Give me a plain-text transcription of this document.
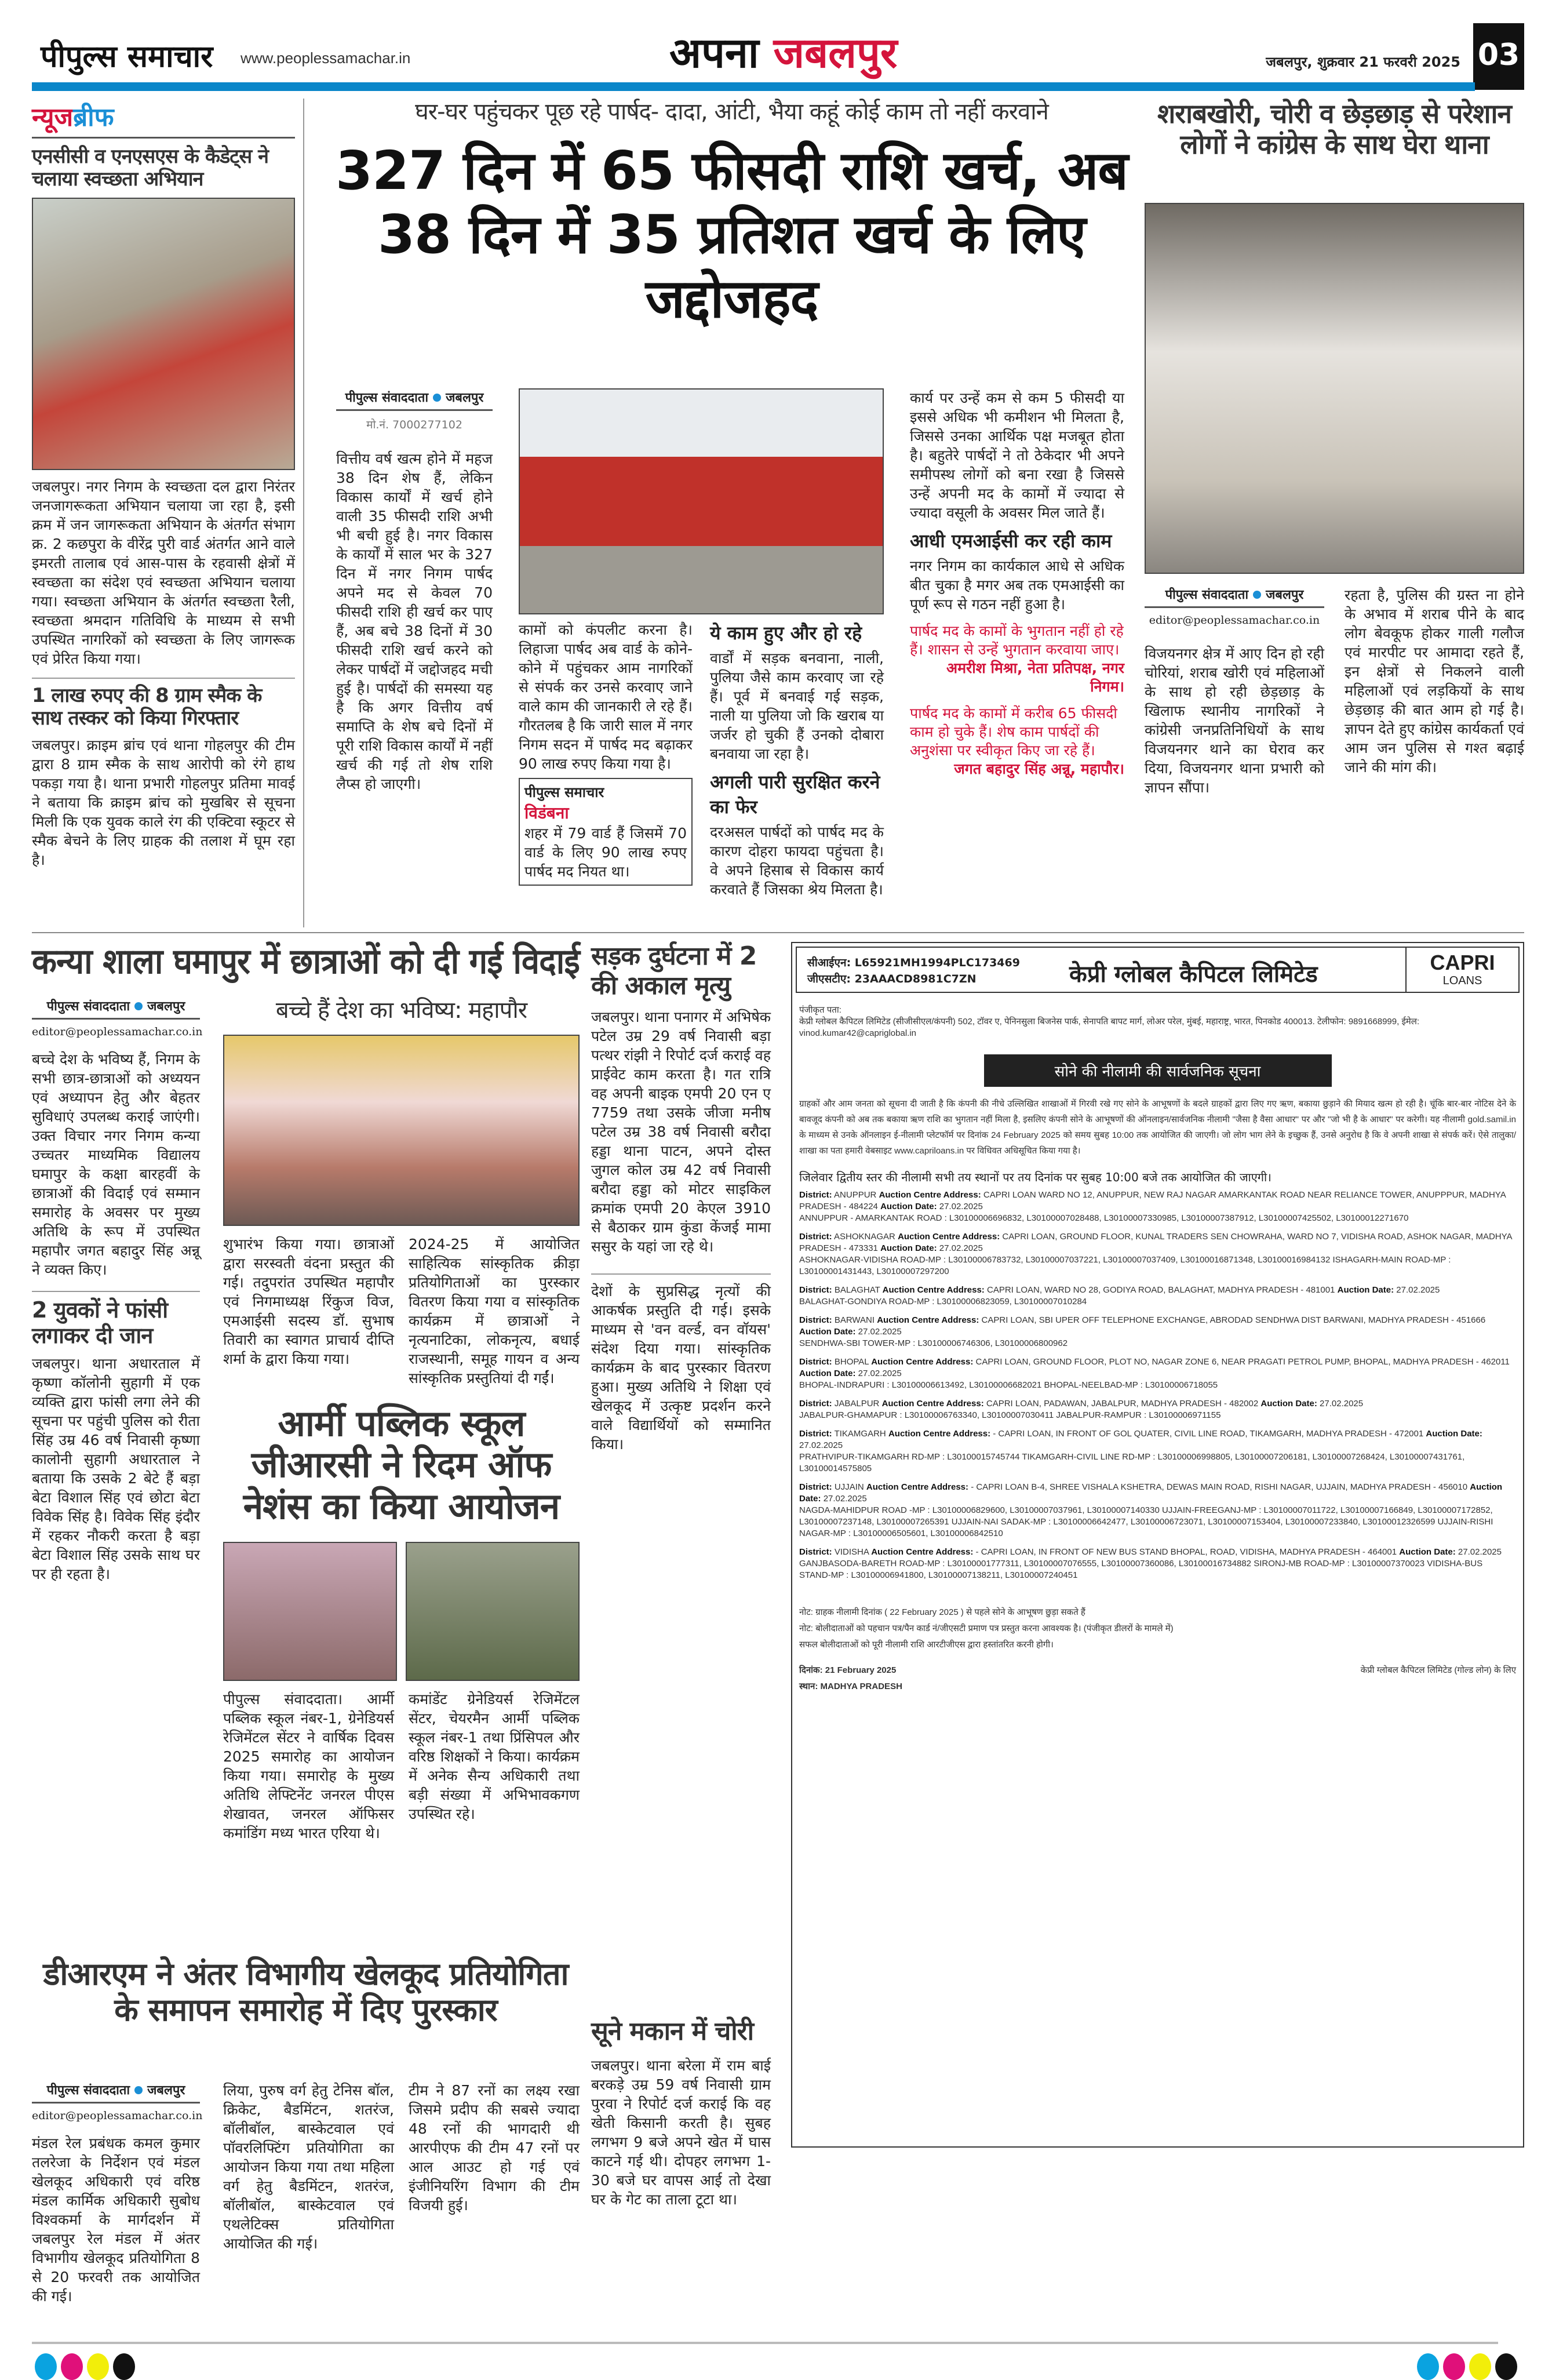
पीपुल्स समाचार www.peoplessamachar.in	अपना जबलपुर	जबलपुर, शुक्रवार 21 फरवरी 2025 03
न्यूजब्रीफ
एनसीसी व एनएसएस के कैडेट्स ने चलाया स्वच्छता अभियान
जबलपुर। नगर निगम के स्वच्छता दल द्वारा निरंतर जनजागरूकता अभियान चलाया जा रहा है, इसी क्रम में जन जागरूकता अभियान के अंतर्गत संभाग क्र. 2 कछपुरा के वीरेंद्र पुरी वार्ड अंतर्गत आने वाले इमरती तालाब एवं आस-पास के रहवासी क्षेत्रों में स्वच्छता का संदेश एवं स्वच्छता अभियान चलाया गया। स्वच्छता अभियान के अंतर्गत स्वच्छता रैली, स्वच्छता श्रमदान गतिविधि के माध्यम से सभी उपस्थित नागरिकों को स्वच्छता के लिए जागरूक एवं प्रेरित किया गया।
1 लाख रुपए की 8 ग्राम स्मैक के साथ तस्कर को किया गिरफ्तार
जबलपुर। क्राइम ब्रांच एवं थाना गोहलपुर की टीम द्वारा 8 ग्राम स्मैक के साथ आरोपी को रंगे हाथ पकड़ा गया है। थाना प्रभारी गोहलपुर प्रतिमा मावई ने बताया कि क्राइम ब्रांच को मुखबिर से सूचना मिली कि एक युवक काले रंग की एक्टिवा स्कूटर से स्मैक बेचने के लिए ग्राहक की तलाश में घूम रहा है।
घर-घर पहुंचकर पूछ रहे पार्षद- दादा, आंटी, भैया कहूं कोई काम तो नहीं करवाने
327 दिन में 65 फीसदी राशि खर्च, अब 38 दिन में 35 प्रतिशत खर्च के लिए जद्दोजहद
पीपुल्स संवाददाता जबलपुर
मो.नं. 7000277102
वित्तीय वर्ष खत्म होने में महज 38 दिन शेष हैं, लेकिन विकास कार्यों में खर्च होने वाली 35 फीसदी राशि अभी भी बची हुई है। नगर विकास के कार्यों में साल भर के 327 दिन में नगर निगम पार्षद अपने मद से केवल 70 फीसदी राशि ही खर्च कर पाए हैं, अब बचे 38 दिनों में 30 फीसदी राशि खर्च करने को लेकर पार्षदों में जद्दोजहद मची हुई है। पार्षदों की समस्या यह है कि अगर वित्तीय वर्ष समाप्ति के शेष बचे दिनों में पूरी राशि विकास कार्यों में नहीं खर्च की गई तो शेष राशि लैप्स हो जाएगी।
कामों को कंपलीट करना है। लिहाजा पार्षद अब वार्ड के कोने-कोने में पहुंचकर आम नागरिकों से संपर्क कर उनसे करवाए जाने वाले काम की जानकारी ले रहे हैं। गौरतलब है कि जारी साल में नगर निगम सदन में पार्षद मद बढ़ाकर 90 लाख रुपए किया गया है।
पीपुल्स समाचार
विडंबना
शहर में 79 वार्ड हैं जिसमें 70 वार्ड के लिए 90 लाख रुपए पार्षद मद नियत था।
ये काम हुए और हो रहे
वार्डों में सड़क बनवाना, नाली, पुलिया जैसे काम करवाए जा रहे हैं। पूर्व में बनवाई गई सड़क, नाली या पुलिया जो कि खराब या जर्जर हो चुकी हैं उनको दोबारा बनवाया जा रहा है।
अगली पारी सुरक्षित करने का फेर
दरअसल पार्षदों को पार्षद मद के कारण दोहरा फायदा पहुंचता है। वे अपने हिसाब से विकास कार्य करवाते हैं जिसका श्रेय मिलता है।
कार्य पर उन्हें कम से कम 5 फीसदी या इससे अधिक भी कमीशन भी मिलता है, जिससे उनका आर्थिक पक्ष मजबूत होता है। बहुतेरे पार्षदों ने तो ठेकेदार भी अपने समीपस्थ लोगों को बना रखा है जिससे उन्हें अपनी मद के कामों में ज्यादा से ज्यादा वसूली के अवसर मिल जाते हैं।
आधी एमआईसी कर रही काम
नगर निगम का कार्यकाल आधे से अधिक बीत चुका है मगर अब तक एमआईसी का पूर्ण रूप से गठन नहीं हुआ है।
पार्षद मद के कामों के भुगतान नहीं हो रहे हैं। शासन से उन्हें भुगतान करवाया जाए।
अमरीश मिश्रा, नेता प्रतिपक्ष, नगर निगम।
पार्षद मद के कामों में करीब 65 फीसदी काम हो चुके हैं। शेष काम पार्षदों की अनुशंसा पर स्वीकृत किए जा रहे हैं।
जगत बहादुर सिंह अन्नू, महापौर।
शराबखोरी, चोरी व छेड़छाड़ से परेशान लोगों ने कांग्रेस के साथ घेरा थाना
पीपुल्स संवाददाता जबलपुर
editor@peoplessamachar.co.in
विजयनगर क्षेत्र में आए दिन हो रही चोरियां, शराब खोरी एवं महिलाओं के साथ हो रही छेड़छाड़ के खिलाफ स्थानीय नागरिकों ने कांग्रेसी जनप्रतिनिधियों के साथ विजयनगर थाने का घेराव कर दिया, विजयनगर थाना प्रभारी को ज्ञापन सौंपा।
रहता है, पुलिस की ग्रस्त ना होने के अभाव में शराब पीने के बाद लोग बेवकूफ होकर गाली गलौज एवं मारपीट पर आमादा रहते हैं, इन क्षेत्रों से निकलने वाली महिलाओं एवं लड़कियों के साथ छेड़छाड़ की बात आम हो गई है। ज्ञापन देते हुए कांग्रेस कार्यकर्ता एवं आम जन पुलिस से गश्त बढ़ाई जाने की मांग की।
कन्या शाला घमापुर में छात्राओं को दी गई विदाई
पीपुल्स संवाददाता जबलपुर
editor@peoplessamachar.co.in
बच्चे देश के भविष्य हैं, निगम के सभी छात्र-छात्राओं को अध्ययन एवं अध्यापन हेतु और बेहतर सुविधाएं उपलब्ध कराई जाएंगी। उक्त विचार नगर निगम कन्या उच्चतर माध्यमिक विद्यालय घमापुर के कक्षा बारहवीं के छात्राओं की विदाई एवं सम्मान समारोह के अवसर पर मुख्य अतिथि के रूप में उपस्थित महापौर जगत बहादुर सिंह अन्नू ने व्यक्त किए।
2 युवकों ने फांसी लगाकर दी जान
जबलपुर। थाना अधारताल में कृष्णा कॉलोनी सुहागी में एक व्यक्ति द्वारा फांसी लगा लेने की सूचना पर पहुंची पुलिस को रीता सिंह उम्र 46 वर्ष निवासी कृष्णा कालोनी सुहागी अधारताल ने बताया कि उसके 2 बेटे हैं बड़ा बेटा विशाल सिंह एवं छोटा बेटा विवेक सिंह है। विवेक सिंह इंदौर में रहकर नौकरी करता है बड़ा बेटा विशाल सिंह उसके साथ घर पर ही रहता है।
बच्चे हैं देश का भविष्य: महापौर
शुभारंभ किया गया। छात्राओं द्वारा सरस्वती वंदना प्रस्तुत की गई। तदुपरांत उपस्थित महापौर एवं निगमाध्यक्ष रिंकुज विज, एमआईसी सदस्य डॉ. सुभाष तिवारी का स्वागत प्राचार्य दीप्ति शर्मा के द्वारा किया गया।
2024-25 में आयोजित साहित्यिक सांस्कृतिक क्रीड़ा प्रतियोगिताओं का पुरस्कार वितरण किया गया व सांस्कृतिक कार्यक्रम में छात्राओं ने नृत्यनाटिका, लोकनृत्य, बधाई राजस्थानी, समूह गायन व अन्य सांस्कृतिक प्रस्तुतियां दी गईं।
आर्मी पब्लिक स्कूल जीआरसी ने रिदम ऑफ नेशंस का किया आयोजन
पीपुल्स संवाददाता। आर्मी पब्लिक स्कूल नंबर-1, ग्रेनेडियर्स रेजिमेंटल सेंटर ने वार्षिक दिवस 2025 समारोह का आयोजन किया गया। समारोह के मुख्य अतिथि लेफ्टिनेंट जनरल पीएस शेखावत, जनरल ऑफिसर कमांडिंग मध्य भारत एरिया थे।
कमांडेंट ग्रेनेडियर्स रेजिमेंटल सेंटर, चेयरमैन आर्मी पब्लिक स्कूल नंबर-1 तथा प्रिंसिपल और वरिष्ठ शिक्षकों ने किया। कार्यक्रम में अनेक सैन्य अधिकारी तथा बड़ी संख्या में अभिभावकगण उपस्थित रहे।
सड़क दुर्घटना में 2 की अकाल मृत्यु
जबलपुर। थाना पनागर में अभिषेक पटेल उम्र 29 वर्ष निवासी बड़ा पत्थर रांझी ने रिपोर्ट दर्ज कराई वह प्राईवेट काम करता है। गत रात्रि वह अपनी बाइक एमपी 20 एन ए 7759 तथा उसके जीजा मनीष पटेल उम्र 38 वर्ष निवासी बरौदा हड्डा थाना पाटन, अपने दोस्त जुगल कोल उम्र 42 वर्ष निवासी बरौदा हड्डा को मोटर साइकिल क्रमांक एमपी 20 केएल 3910 से बैठाकर ग्राम कुंडा केंजई मामा ससुर के यहां जा रहे थे।
देशों के सुप्रसिद्ध नृत्यों की आकर्षक प्रस्तुति दी गई। इसके माध्यम से 'वन वर्ल्ड, वन वॉयस' संदेश दिया गया। सांस्कृतिक कार्यक्रम के बाद पुरस्कार वितरण हुआ। मुख्य अतिथि ने शिक्षा एवं खेलकूद में उत्कृष्ट प्रदर्शन करने वाले विद्यार्थियों को सम्मानित किया।
डीआरएम ने अंतर विभागीय खेलकूद प्रतियोगिता के समापन समारोह में दिए पुरस्कार
पीपुल्स संवाददाता जबलपुर
editor@peoplessamachar.co.in
मंडल रेल प्रबंधक कमल कुमार तलरेजा के निर्देशन एवं मंडल खेलकूद अधिकारी एवं वरिष्ठ मंडल कार्मिक अधिकारी सुबोध विश्वकर्मा के मार्गदर्शन में जबलपुर रेल मंडल में अंतर विभागीय खेलकूद प्रतियोगिता 8 से 20 फरवरी तक आयोजित की गई।
लिया, पुरुष वर्ग हेतु टेनिस बॉल, क्रिकेट, बैडमिंटन, शतरंज, बॉलीबॉल, बास्केटवाल एवं पॉवरलिफ्टिंग प्रतियोगिता का आयोजन किया गया तथा महिला वर्ग हेतु बैडमिंटन, शतरंज, बॉलीबॉल, बास्केटवाल एवं एथलेटिक्स प्रतियोगिता आयोजित की गई।
टीम ने 87 रनों का लक्ष्य रखा जिसमे प्रदीप की सबसे ज्यादा 48 रनों की भागदारी थी आरपीएफ की टीम 47 रनों पर आल आउट हो गई एवं इंजीनियरिंग विभाग की टीम विजयी हुई।
सूने मकान में चोरी
जबलपुर। थाना बरेला में राम बाई बरकड़े उम्र 59 वर्ष निवासी ग्राम पुरवा ने रिपोर्ट दर्ज कराई कि वह खेती किसानी करती है। सुबह लगभग 9 बजे अपने खेत में घास काटने गई थी। दोपहर लगभग 1-30 बजे घर वापस आई तो देखा घर के गेट का ताला टूटा था।
सीआईएन: L65921MH1994PLC173469
जीएसटीए: 23AAACD8981C7ZN	केप्री ग्लोबल कैपिटल लिमिटेड	CAPRI
LOANS
पंजीकृत पता:
केप्री ग्लोबल कैपिटल लिमिटेड (सीजीसीएल/कंपनी) 502, टॉवर ए, पेनिनसुला बिजनेस पार्क, सेनापति बापट मार्ग, लोअर परेल, मुंबई, महाराष्ट्र, भारत, पिनकोड 400013. टेलीफोन: 9891668999, ईमेल: vinod.kumar42@capriglobal.in
सोने की नीलामी की सार्वजनिक सूचना
ग्राहकों और आम जनता को सूचना दी जाती है कि कंपनी की नीचे उल्लिखित शाखाओं में गिरवी रखे गए सोने के आभूषणों के बदले ग्राहकों द्वारा लिए गए ऋण, बकाया छुड़ाने की मियाद खत्म हो रही है। चूंकि बार-बार नोटिस देने के बावजूद कंपनी को अब तक बकाया ऋण राशि का भुगतान नहीं मिला है, इसलिए कंपनी सोने के आभूषणों की ऑनलाइन/सार्वजनिक नीलामी "जैसा है वैसा आधार" पर और "जो भी है के आधार" पर करेगी। यह नीलामी gold.samil.in के माध्यम से उनके ऑनलाइन ई-नीलामी प्लेटफॉर्म पर दिनांक 24 February 2025 को समय सुबह 10:00 तक आयोजित की जाएगी। जो लोग भाग लेने के इच्छुक हैं, उनसे अनुरोध है कि वे अपनी शाखा से संपर्क करें। ऐसे तालुका/शाखा का पता हमारी वेबसाइट www.capriloans.in पर विधिवत अधिसूचित किया गया है।
जिलेवार द्वितीय स्तर की नीलामी सभी तय स्थानों पर तय दिनांक पर सुबह 10:00 बजे तक आयोजित की जाएगी।
District: ANUPPUR Auction Centre Address: CAPRI LOAN WARD NO 12, ANUPPUR, NEW RAJ NAGAR AMARKANTAK ROAD NEAR RELIANCE TOWER, ANUPPPUR, MADHYA PRADESH - 484224 Auction Date: 27.02.2025
ANNUPPUR - AMARKANTAK ROAD : L30100006696832, L30100007028488, L30100007330985, L30100007387912, L30100007425502, L30100012271670
District: ASHOKNAGAR Auction Centre Address: CAPRI LOAN, GROUND FLOOR, KUNAL TRADERS SEN CHOWRAHA, WARD NO 7, VIDISHA ROAD, ASHOK NAGAR, MADHYA PRADESH - 473331 Auction Date: 27.02.2025
ASHOKNAGAR-VIDISHA ROAD-MP : L30100006783732, L30100007037221, L30100007037409, L30100016871348, L30100016984132 ISHAGARH-MAIN ROAD-MP : L30100001431443, L30100007297200
District: BALAGHAT Auction Centre Address: CAPRI LOAN, WARD NO 28, GODIYA ROAD, BALAGHAT, MADHYA PRADESH - 481001 Auction Date: 27.02.2025
BALAGHAT-GONDIYA ROAD-MP : L30100006823059, L30100007010284
District: BARWANI Auction Centre Address: CAPRI LOAN, SBI UPER OFF TELEPHONE EXCHANGE, ABRODAD SENDHWA DIST BARWANI, MADHYA PRADESH - 451666 Auction Date: 27.02.2025
SENDHWA-SBI TOWER-MP : L30100006746306, L30100006800962
District: BHOPAL Auction Centre Address: CAPRI LOAN, GROUND FLOOR, PLOT NO, NAGAR ZONE 6, NEAR PRAGATI PETROL PUMP, BHOPAL, MADHYA PRADESH - 462011 Auction Date: 27.02.2025
BHOPAL-INDRAPURI : L30100006613492, L30100006682021 BHOPAL-NEELBAD-MP : L30100006718055
District: JABALPUR Auction Centre Address: CAPRI LOAN, PADAWAN, JABALPUR, MADHYA PRADESH - 482002 Auction Date: 27.02.2025
JABALPUR-GHAMAPUR : L30100006763340, L30100007030411 JABALPUR-RAMPUR : L30100006971155
District: TIKAMGARH Auction Centre Address: - CAPRI LOAN, IN FRONT OF GOL QUATER, CIVIL LINE ROAD, TIKAMGARH, MADHYA PRADESH - 472001 Auction Date: 27.02.2025
PRATHVIPUR-TIKAMGARH RD-MP : L30100015745744 TIKAMGARH-CIVIL LINE RD-MP : L30100006998805, L30100007206181, L30100007268424, L30100007431761, L30100014575805
District: UJJAIN Auction Centre Address: - CAPRI LOAN B-4, SHREE VISHALA KSHETRA, DEWAS MAIN ROAD, RISHI NAGAR, UJJAIN, MADHYA PRADESH - 456010 Auction Date: 27.02.2025
NAGDA-MAHIDPUR ROAD -MP : L30100006829600, L30100007037961, L30100007140330 UJJAIN-FREEGANJ-MP : L30100007011722, L30100007166849, L30100007172852, L30100007237148, L30100007265391 UJJAIN-NAI SADAK-MP : L30100006642477, L30100006723071, L30100007153404, L30100007233840, L30100012326599 UJJAIN-RISHI NAGAR-MP : L30100006505601, L30100006842510
District: VIDISHA Auction Centre Address: - CAPRI LOAN, IN FRONT OF NEW BUS STAND BHOPAL, ROAD, VIDISHA, MADHYA PRADESH - 464001 Auction Date: 27.02.2025
GANJBASODA-BARETH ROAD-MP : L30100001777311, L30100007076555, L30100007360086, L30100016734882 SIRONJ-MB ROAD-MP : L30100007370023 VIDISHA-BUS STAND-MP : L30100006941800, L30100007138211, L30100007240451
नोट: ग्राहक नीलामी दिनांक ( 22 February 2025 ) से पहले सोने के आभूषण छुड़ा सकते हैं
नोट: बोलीदाताओं को पहचान पत्र/पैन कार्ड नं/जीएसटी प्रमाण पत्र प्रस्तुत करना आवश्यक है। (पंजीकृत डीलरों के मामले में)
सफल बोलीदाताओं को पूरी नीलामी राशि आरटीजीएस द्वारा हस्तांतरित करनी होगी।
दिनांक: 21 February 2025
स्थान: MADHYA PRADESH
केप्री ग्लोबल कैपिटल लिमिटेड (गोल्ड लोन) के लिए
